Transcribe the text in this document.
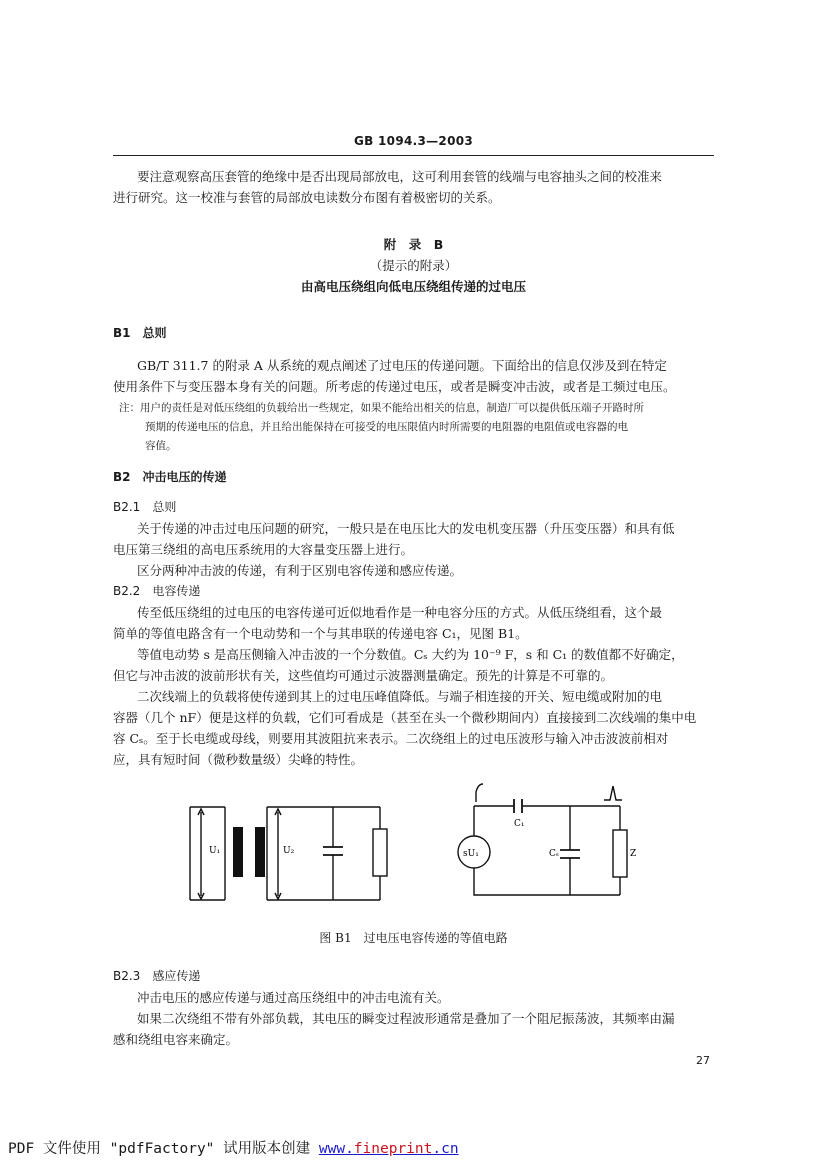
GB 1094.3—2003
要注意观察高压套管的绝缘中是否出现局部放电，这可利用套管的线端与电容抽头之间的校准来
进行研究。这一校准与套管的局部放电读数分布图有着极密切的关系。
附　录　B
（提示的附录）
由高电压绕组向低电压绕组传递的过电压
B1　总则
GB/T 311.7 的附录 A 从系统的观点阐述了过电压的传递问题。下面给出的信息仅涉及到在特定
使用条件下与变压器本身有关的问题。所考虑的传递过电压，或者是瞬变冲击波，或者是工频过电压。
注：用户的责任是对低压绕组的负载给出一些规定，如果不能给出相关的信息，制造厂可以提供低压端子开路时所
预期的传递电压的信息，并且给出能保持在可接受的电压限值内时所需要的电阻器的电阻值或电容器的电
容值。
B2　冲击电压的传递
B2.1　总则
关于传递的冲击过电压问题的研究，一般只是在电压比大的发电机变压器（升压变压器）和具有低
电压第三绕组的高电压系统用的大容量变压器上进行。
区分两种冲击波的传递，有利于区别电容传递和感应传递。
B2.2　电容传递
传至低压绕组的过电压的电容传递可近似地看作是一种电容分压的方式。从低压绕组看，这个最
简单的等值电路含有一个电动势和一个与其串联的传递电容 C₁，见图 B1。
等值电动势 s 是高压侧输入冲击波的一个分数值。Cₛ 大约为 10⁻⁹ F，s 和 C₁ 的数值都不好确定，
但它与冲击波的波前形状有关，这些值均可通过示波器测量确定。预先的计算是不可靠的。
二次线端上的负载将使传递到其上的过电压峰值降低。与端子相连接的开关、短电缆或附加的电
容器（几个 nF）便是这样的负载，它们可看成是（甚至在头一个微秒期间内）直接接到二次线端的集中电
容 Cₛ。至于长电缆或母线，则要用其波阻抗来表示。二次绕组上的过电压波形与输入冲击波波前相对
应，具有短时间（微秒数量级）尖峰的特性。
U₁	U₂	sU₁
C₁
Cₛ	Z
图 B1　过电压电容传递的等值电路
B2.3　感应传递
冲击电压的感应传递与通过高压绕组中的冲击电流有关。
如果二次绕组不带有外部负载，其电压的瞬变过程波形通常是叠加了一个阻尼振荡波，其频率由漏
感和绕组电容来确定。
27
PDF 文件使用 "pdfFactory" 试用版本创建 www.fineprint.cn
